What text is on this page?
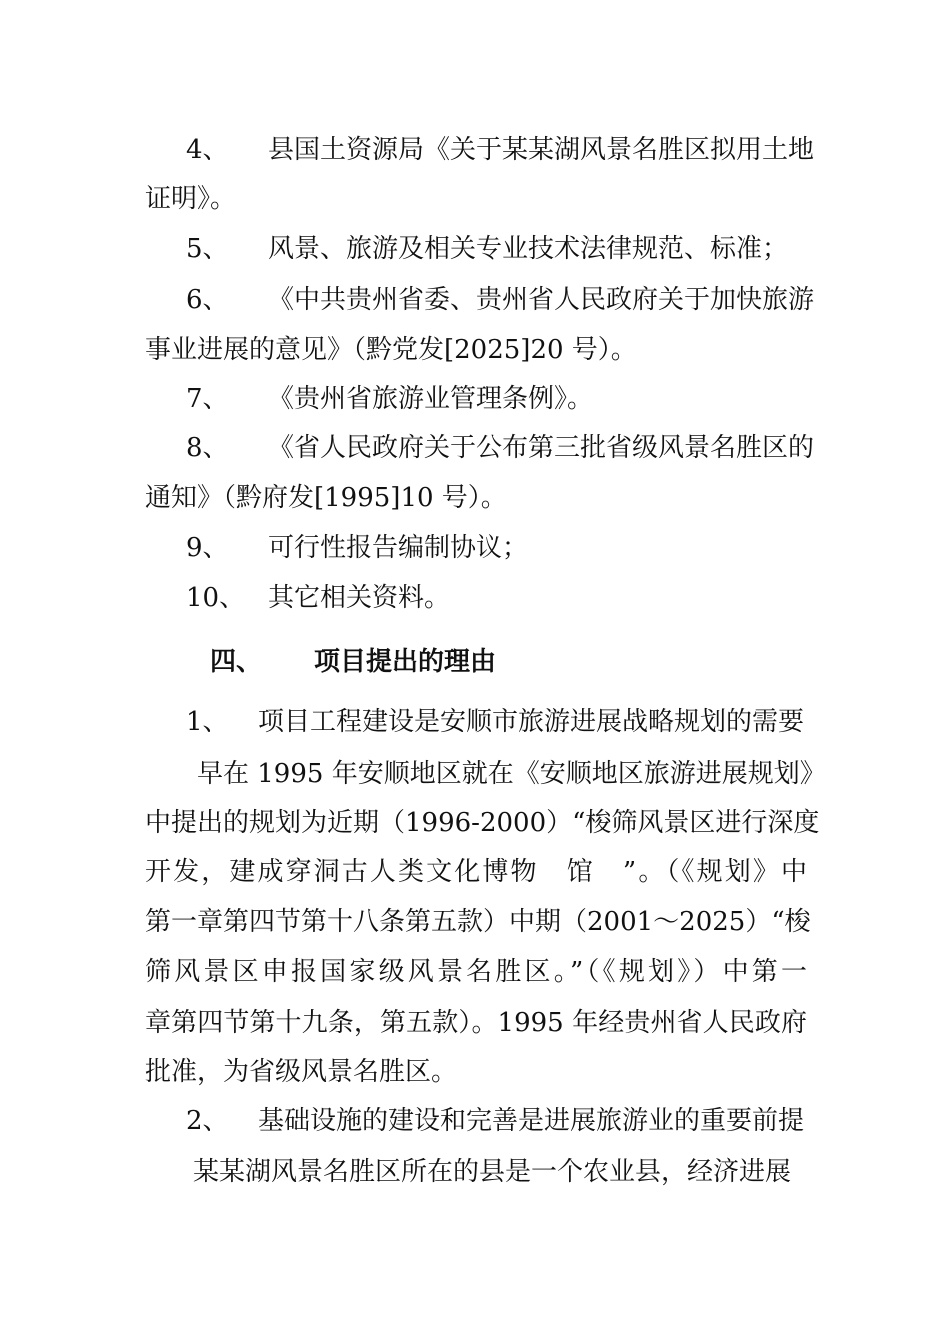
4、 县国土资源局《关于某某湖风景名胜区拟用土地
证明》。
5、 风景、旅游及相关专业技术法律规范、标准；
6、 《中共贵州省委、贵州省人民政府关于加快旅游
事业进展的意见》（黔党发[2025]20 号）。
7、 《贵州省旅游业管理条例》。
8、 《省人民政府关于公布第三批省级风景名胜区的
通知》（黔府发[1995]10 号）。
9、 可行性报告编制协议；
10、 其它相关资料。
四、 项目提出的理由
1、 项目工程建设是安顺市旅游进展战略规划的需要
早在 1995 年安顺地区就在《安顺地区旅游进展规划》
中提出的规划为近期（1996-2000）“梭筛风景区进行深度
开发，建成穿洞古人类文化博物　馆　”。（《规划》中
第一章第四节第十八条第五款）中期（2001～2025）“梭
筛风景区申报国家级风景名胜区。”（《规划》）中第一
章第四节第十九条，第五款）。1995 年经贵州省人民政府
批准，为省级风景名胜区。
2、 基础设施的建设和完善是进展旅游业的重要前提
某某湖风景名胜区所在的县是一个农业县，经济进展
